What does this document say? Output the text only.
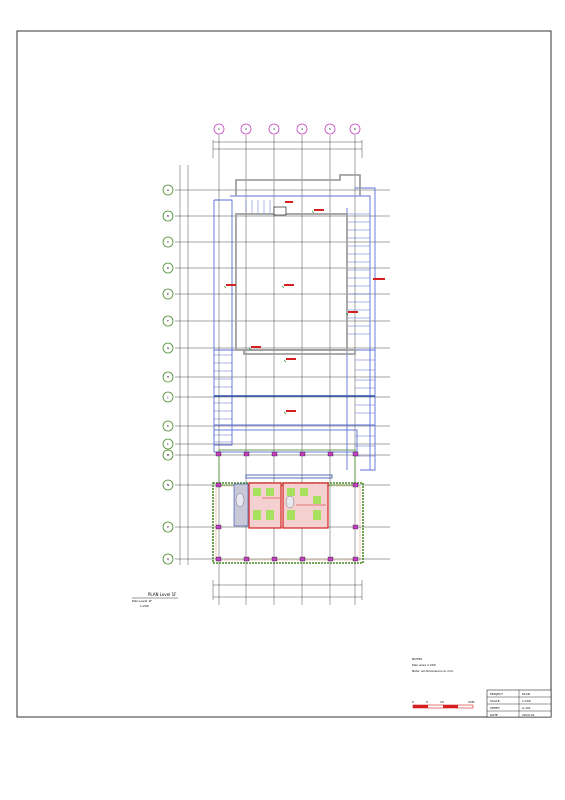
1	2	3	4	5	6
A
B
C
D
E
F
G
H
J
K
L
M
N
P
Q
PLAN Level 1F
Plan Level 1F
1:200
NOTES
Plan area 1:200
Note: all dimensions in mm.
0	5	10	20M
PROJECT	PLAN
SCALE	1:200
SHEET	A-101
DATE	2024.01
